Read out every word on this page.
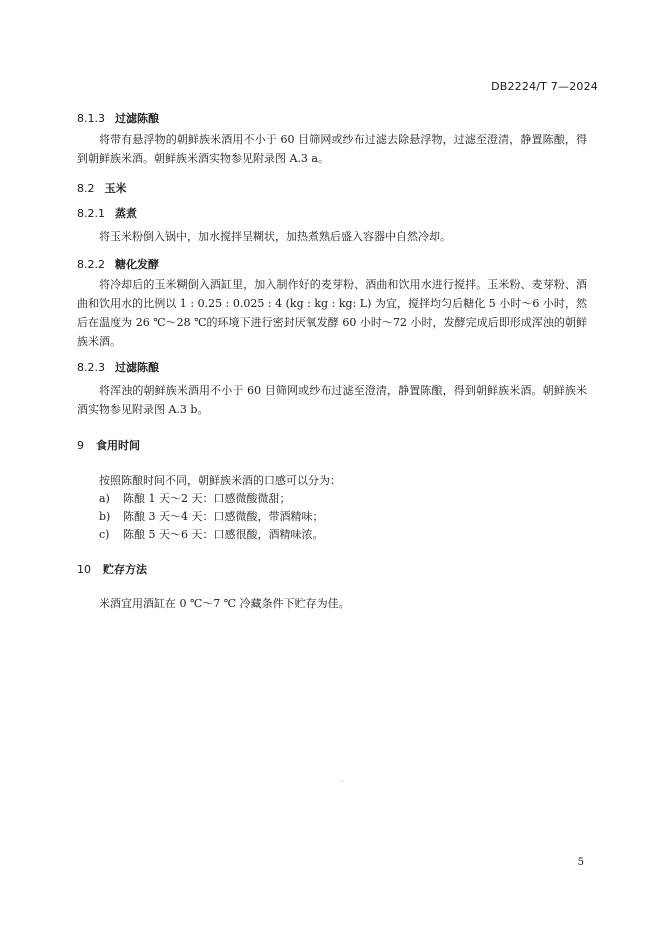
DB2224/T 7—2024
8.1.3 过滤陈酿
将带有悬浮物的朝鲜族米酒用不小于 60 目筛网或纱布过滤去除悬浮物，过滤至澄清，静置陈酿，得到朝鲜族米酒。朝鲜族米酒实物参见附录图 A.3 a。
8.2 玉米
8.2.1 蒸煮
将玉米粉倒入锅中，加水搅拌呈糊状，加热煮熟后盛入容器中自然冷却。
8.2.2 糖化发酵
将冷却后的玉米糊倒入酒缸里，加入制作好的麦芽粉、酒曲和饮用水进行搅拌。玉米粉、麦芽粉、酒曲和饮用水的比例以 1 : 0.25 : 0.025 : 4 (kg : kg : kg: L) 为宜，搅拌均匀后糖化 5 小时～6 小时，然后在温度为 26 ℃～28 ℃的环境下进行密封厌氧发酵 60 小时～72 小时，发酵完成后即形成浑浊的朝鲜族米酒。
8.2.3 过滤陈酿
将浑浊的朝鲜族米酒用不小于 60 目筛网或纱布过滤至澄清，静置陈酿，得到朝鲜族米酒。朝鲜族米酒实物参见附录图 A.3 b。
9 食用时间
按照陈酿时间不同，朝鲜族米酒的口感可以分为：
a) 陈酿 1 天～2 天：口感微酸微甜；
b) 陈酿 3 天～4 天：口感微酸，带酒精味；
c) 陈酿 5 天～6 天：口感很酸，酒精味浓。
10 贮存方法
米酒宜用酒缸在 0 ℃～7 ℃ 冷藏条件下贮存为佳。
5
